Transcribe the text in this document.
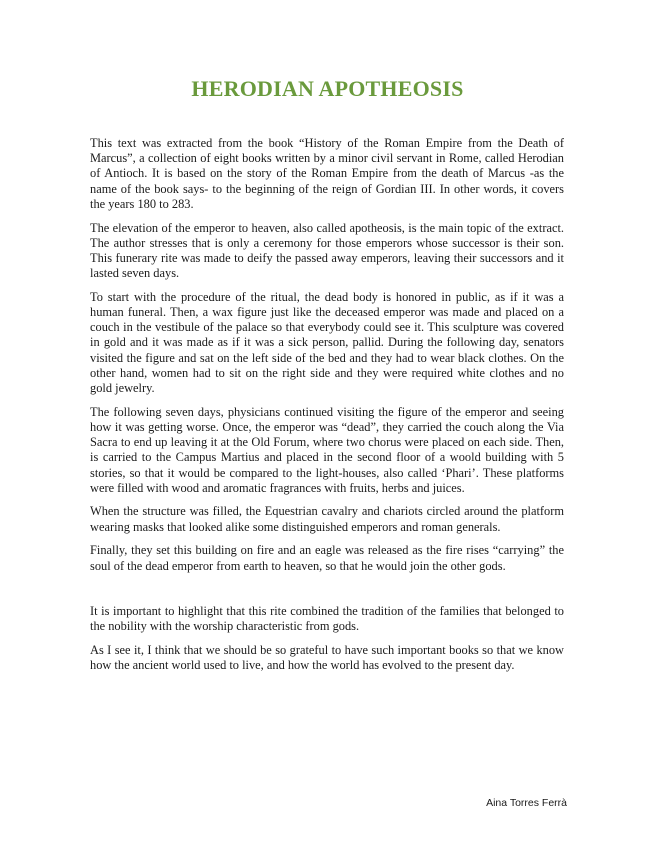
HERODIAN APOTHEOSIS

This text was extracted from the book “History of the Roman Empire from the Death of Marcus”, a collection of eight books written by a minor civil servant in Rome, called Herodian of Antioch. It is based on the story of the Roman Empire from the death of Marcus -as the name of the book says- to the beginning of the reign of Gordian III. In other words, it covers the years 180 to 283.

The elevation of the emperor to heaven, also called apotheosis, is the main topic of the extract. The author stresses that is only a ceremony for those emperors whose successor is their son. This funerary rite was made to deify the passed away emperors, leaving their successors and it lasted seven days.

To start with the procedure of the ritual, the dead body is honored in public, as if it was a human funeral. Then, a wax figure just like the deceased emperor was made and placed on a couch in the vestibule of the palace so that everybody could see it. This sculpture was covered in gold and it was made as if it was a sick person, pallid. During the following day, senators visited the figure and sat on the left side of the bed and they had to wear black clothes. On the other hand, women had to sit on the right side and they were required white clothes and no gold jewelry.

The following seven days, physicians continued visiting the figure of the emperor and seeing how it was getting worse. Once, the emperor was “dead”, they carried the couch along the Via Sacra to end up leaving it at the Old Forum, where two chorus were placed on each side. Then, is carried to the Campus Martius and placed in the second floor of a woold building with 5 stories, so that it would be compared to the light-houses, also called ‘Phari’. These platforms were filled with wood and aromatic fragrances with fruits, herbs and juices.

When the structure was filled, the Equestrian cavalry and chariots circled around the platform wearing masks that looked alike some distinguished emperors and roman generals.

Finally, they set this building on fire and an eagle was released as the fire rises “carrying” the soul of the dead emperor from earth to heaven, so that he would join the other gods.

It is important to highlight that this rite combined the tradition of the families that belonged to the nobility with the worship characteristic from gods.

As I see it, I think that we should be so grateful to have such important books so that we know how the ancient world used to live, and how the world has evolved to the present day.

Aina Torres Ferrà
